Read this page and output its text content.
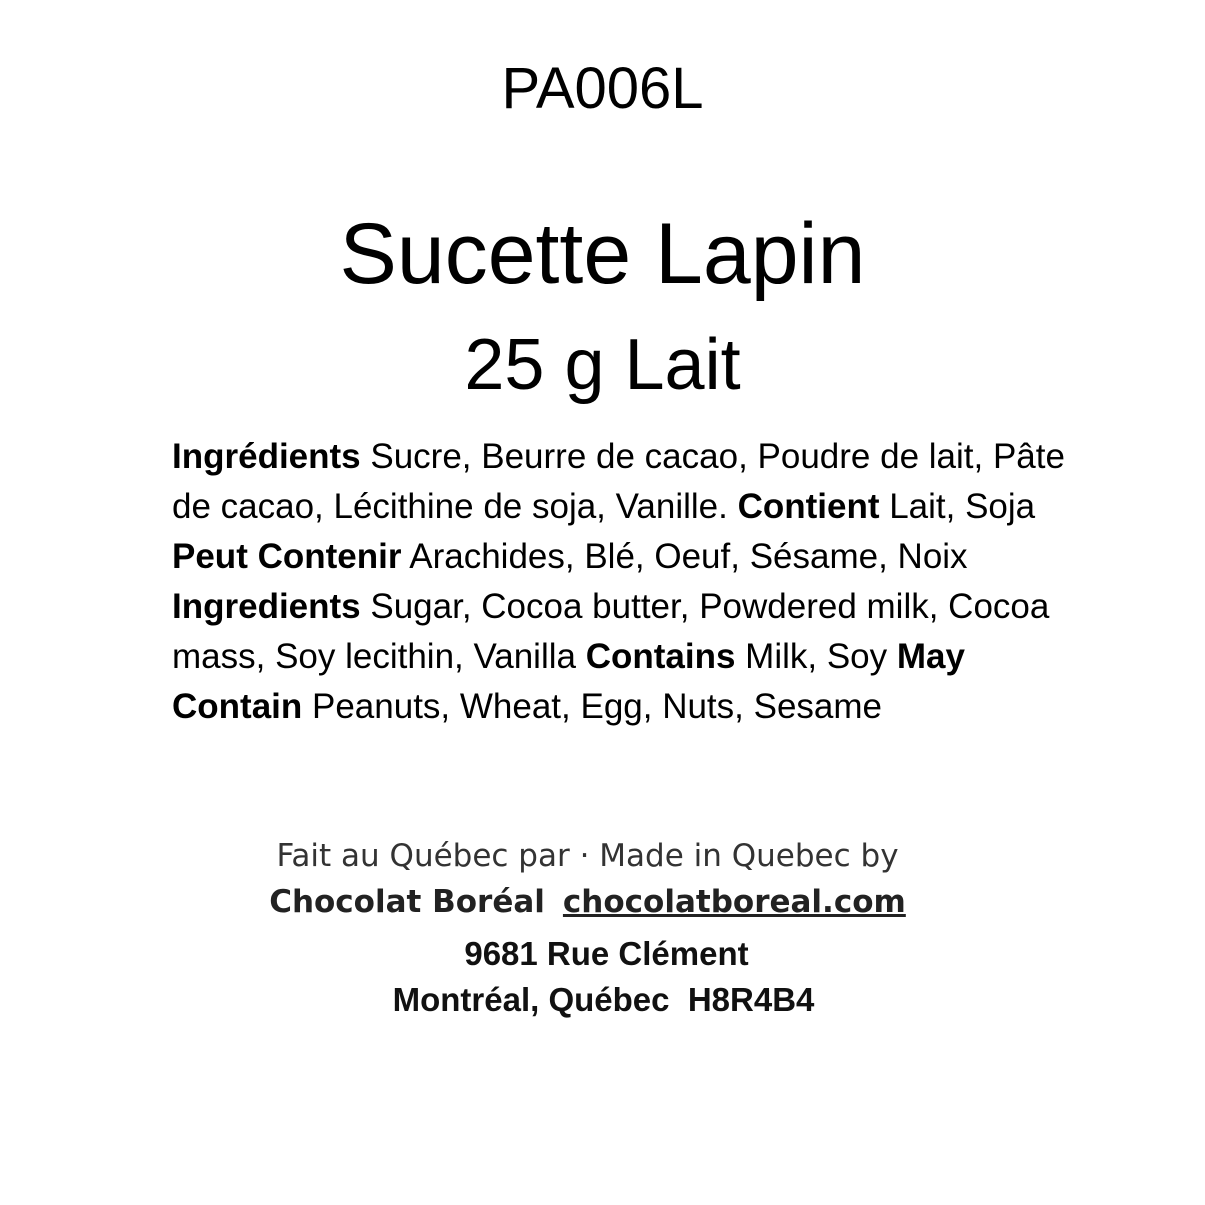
PA006L
Sucette Lapin
25 g Lait
Ingrédients Sucre, Beurre de cacao, Poudre de lait, Pâte de cacao, Lécithine de soja, Vanille. Contient Lait, Soja Peut Contenir Arachides, Blé, Oeuf, Sésame, Noix Ingredients Sugar, Cocoa butter, Powdered milk, Cocoa mass, Soy lecithin, Vanilla Contains Milk, Soy May Contain Peanuts, Wheat, Egg, Nuts, Sesame
Fait au Québec par · Made in Quebec by
Chocolat Boréal chocolatboreal.com
9681 Rue Clément
Montréal, Québec  H8R4B4
